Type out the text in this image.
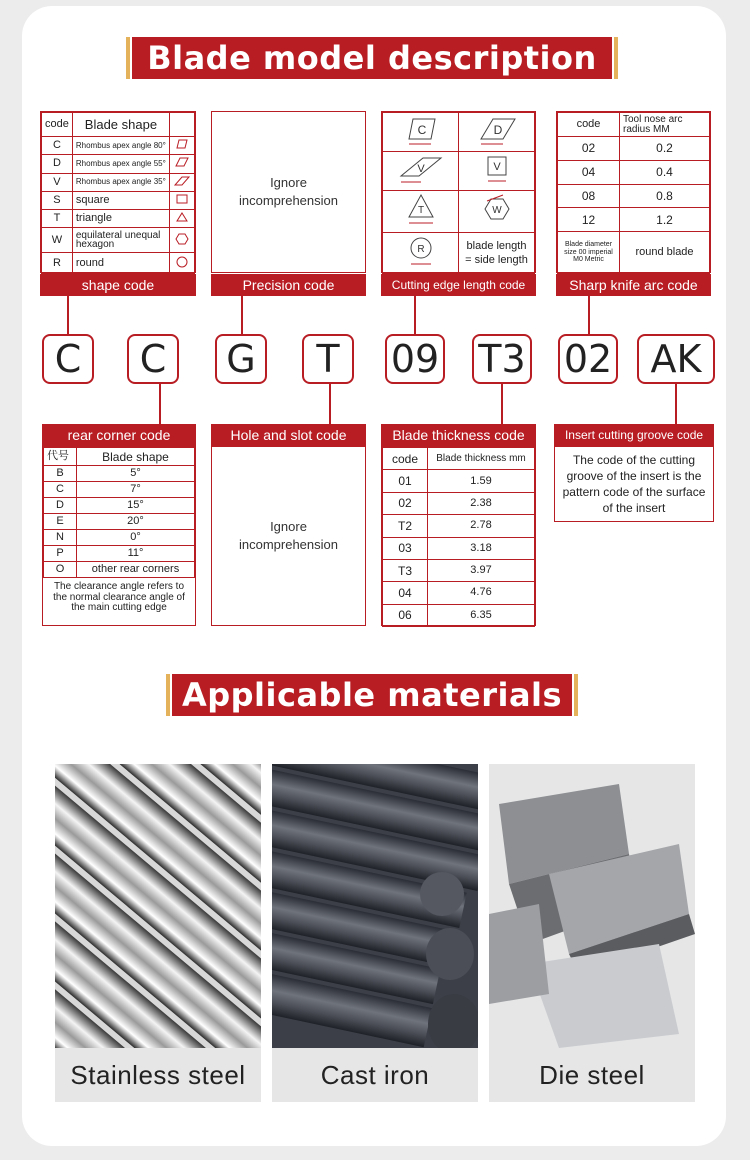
Blade model description
code	Blade shape	
C	Rhombus apex angle 80°	
D	Rhombus apex angle 55°	
V	Rhombus apex angle 35°	
S	square	
T	triangle	
W	equilateral unequal hexagon	
R	round	
shape code
Ignore incomprehension
Precision code
C	D

V	V

T	W

R	blade length = side length
Cutting edge length code
code	Tool nose arc radius MM
02	0.2
04	0.4
08	0.8
12	1.2
Blade diameter size 00 imperial M0 Metric	round blade
Sharp knife arc code
C	C	G	T	09 T3 02	AK
rear corner code
代号	Blade shape
B	5°
C	7°
D	15°
E	20°
N	0°
P	11°
O	other rear corners
The clearance angle refers to the normal clearance angle of the main cutting edge
Hole and slot code
Ignore incomprehension
Blade thickness code
code	Blade thickness mm
01	1.59
02	2.38
T2	2.78
03	3.18
T3	3.97
04	4.76
06	6.35
Insert cutting groove code
The code of the cutting groove of the insert is the pattern code of the surface of the insert
Applicable materials
Stainless steel	Cast iron	Die steel
